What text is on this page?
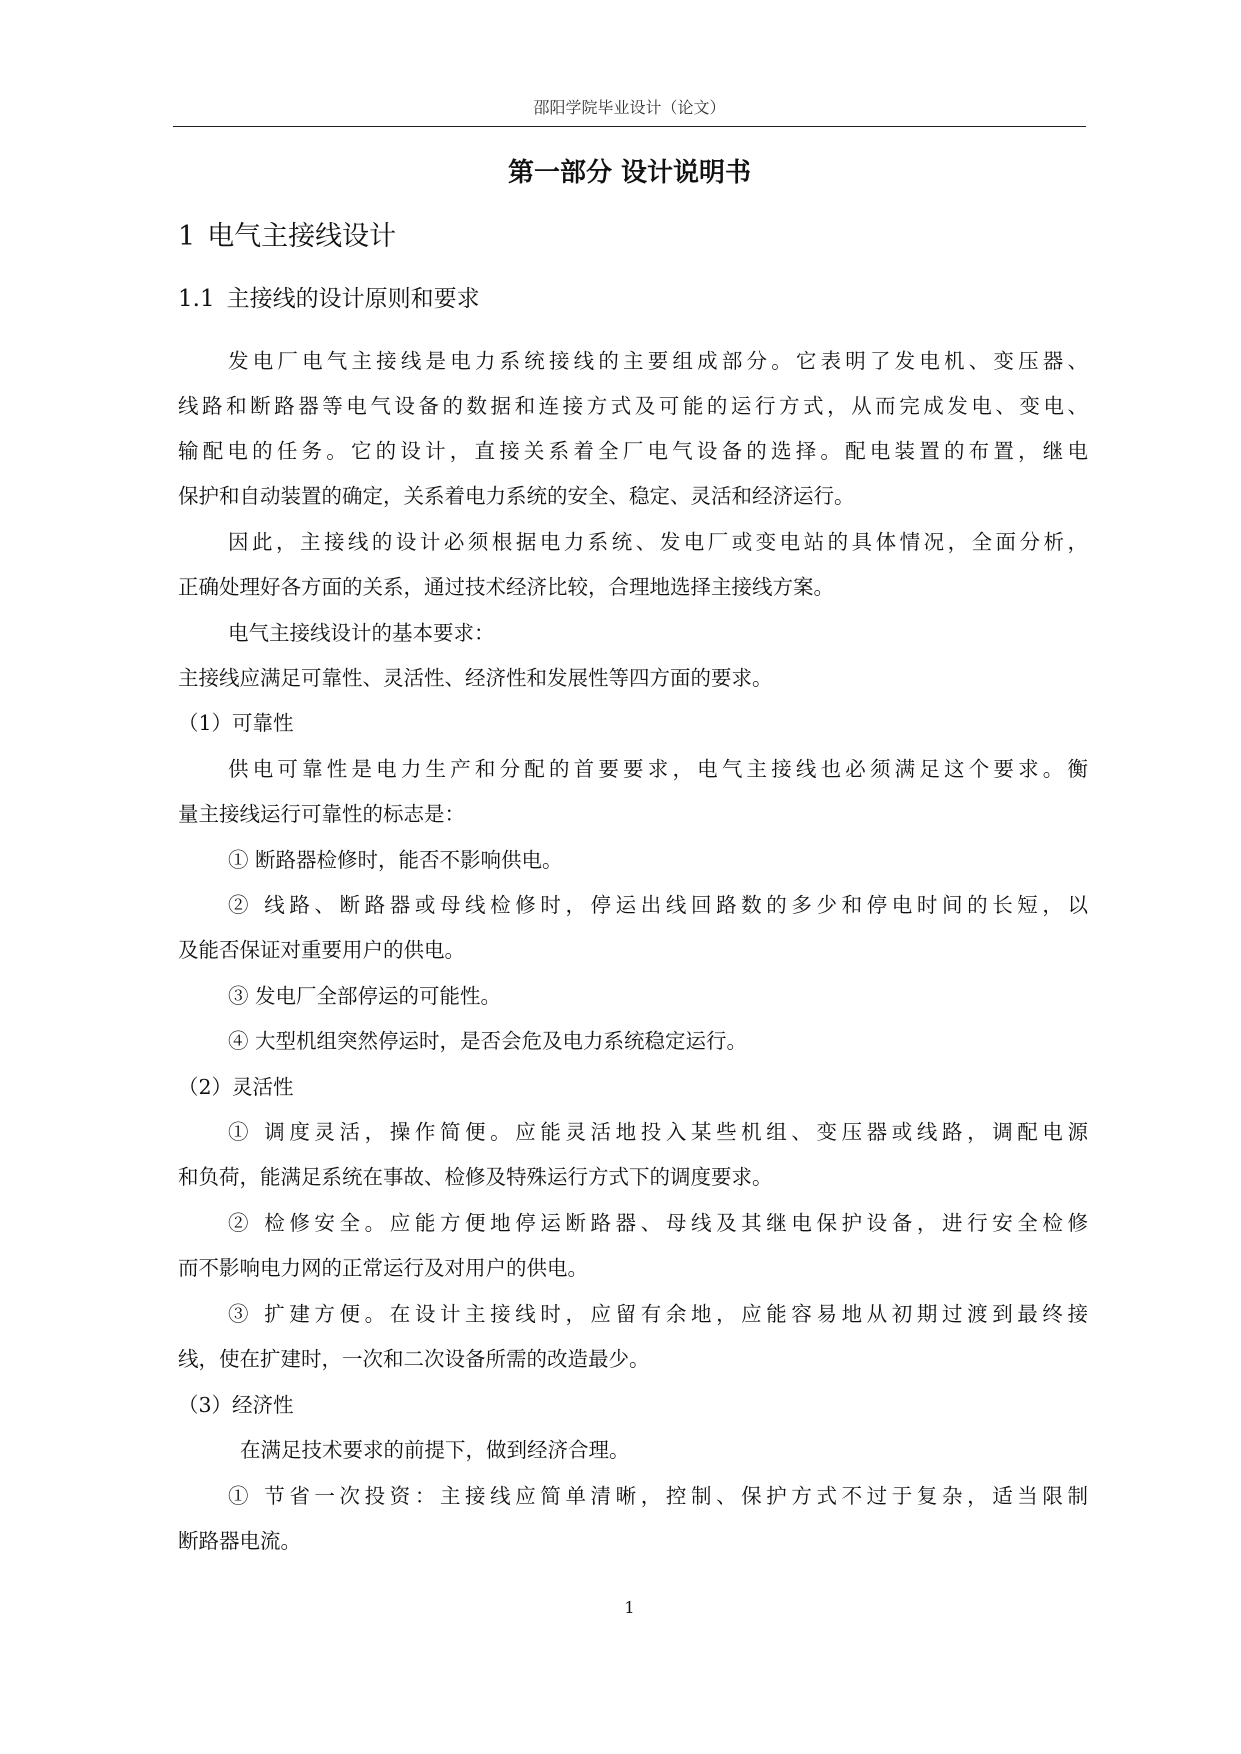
邵阳学院毕业设计（论文）
第一部分 设计说明书
1 电气主接线设计
1.1 主接线的设计原则和要求
发电厂电气主接线是电力系统接线的主要组成部分。它表明了发电机、变压器、
线路和断路器等电气设备的数据和连接方式及可能的运行方式，从而完成发电、变电、
输配电的任务。它的设计，直接关系着全厂电气设备的选择。配电装置的布置，继电
保护和自动装置的确定，关系着电力系统的安全、稳定、灵活和经济运行。
因此，主接线的设计必须根据电力系统、发电厂或变电站的具体情况，全面分析，
正确处理好各方面的关系，通过技术经济比较，合理地选择主接线方案。
电气主接线设计的基本要求：
主接线应满足可靠性、灵活性、经济性和发展性等四方面的要求。
（1）可靠性
供电可靠性是电力生产和分配的首要要求，电气主接线也必须满足这个要求。衡
量主接线运行可靠性的标志是：
① 断路器检修时，能否不影响供电。
② 线路、断路器或母线检修时，停运出线回路数的多少和停电时间的长短，以
及能否保证对重要用户的供电。
③ 发电厂全部停运的可能性。
④ 大型机组突然停运时，是否会危及电力系统稳定运行。
（2）灵活性
① 调度灵活，操作简便。应能灵活地投入某些机组、变压器或线路，调配电源
和负荷，能满足系统在事故、检修及特殊运行方式下的调度要求。
② 检修安全。应能方便地停运断路器、母线及其继电保护设备，进行安全检修
而不影响电力网的正常运行及对用户的供电。
③ 扩建方便。在设计主接线时，应留有余地，应能容易地从初期过渡到最终接
线，使在扩建时，一次和二次设备所需的改造最少。
（3）经济性
在满足技术要求的前提下，做到经济合理。
① 节省一次投资：主接线应简单清晰，控制、保护方式不过于复杂，适当限制
断路器电流。
1
